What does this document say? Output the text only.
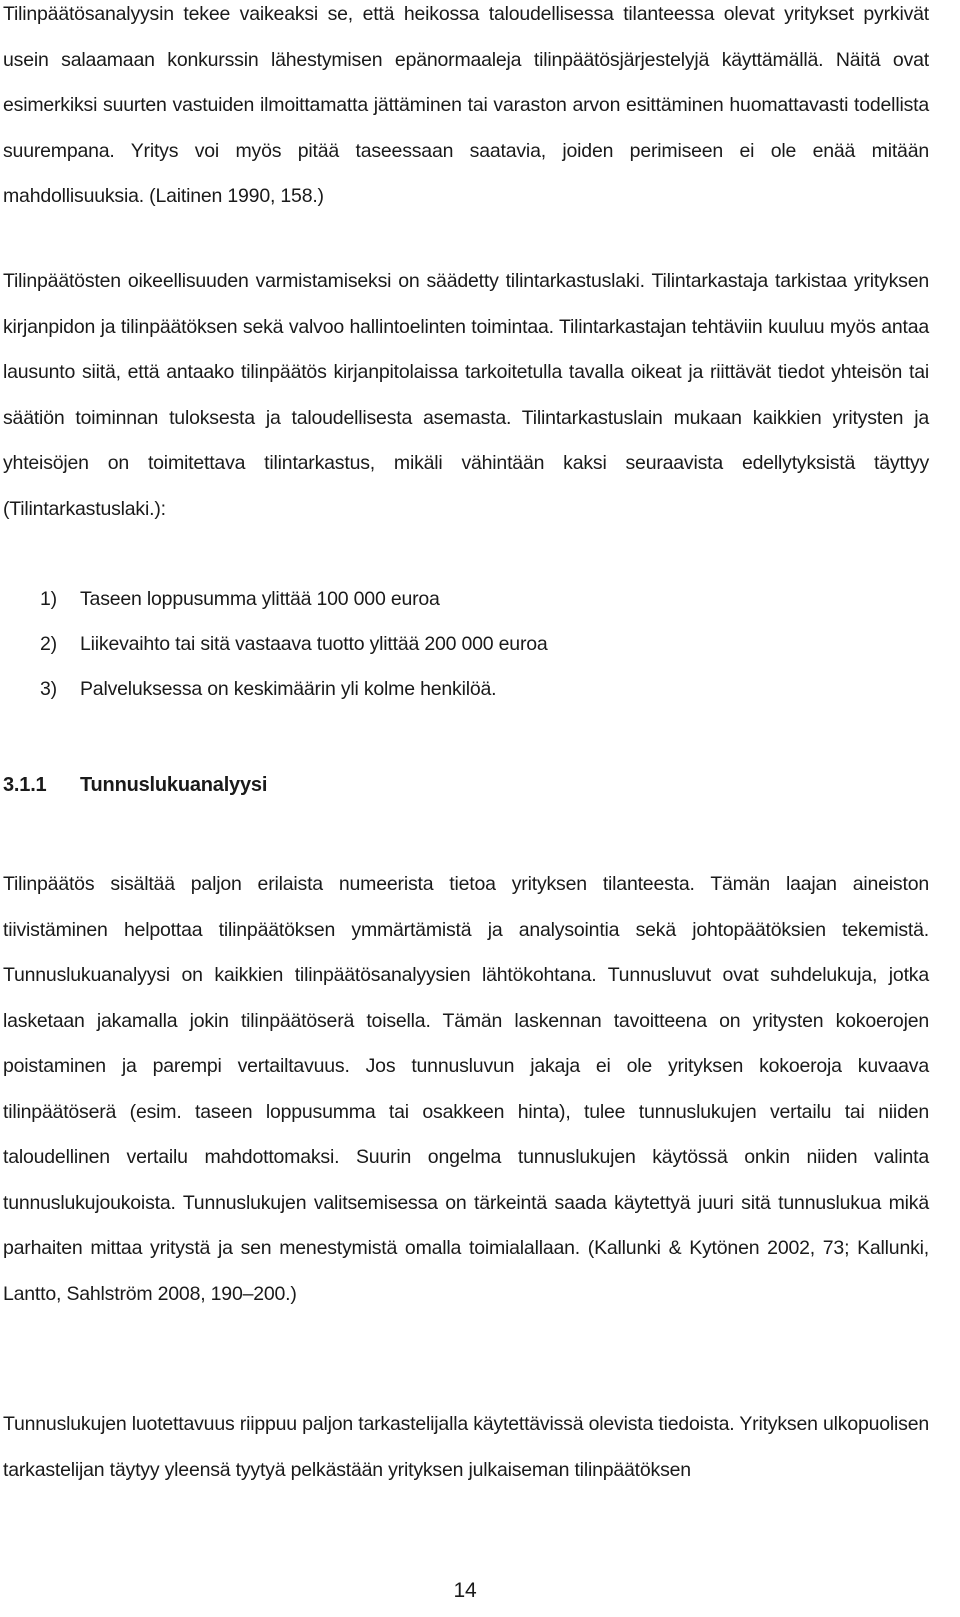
Tilinpäätösanalyysin tekee vaikeaksi se, että heikossa taloudellisessa tilanteessa olevat yritykset pyrkivät usein salaamaan konkurssin lähestymisen epänormaaleja tilinpäätösjärjestelyjä käyttämällä. Näitä ovat esimerkiksi suurten vastuiden ilmoittamatta jättäminen tai varaston arvon esittäminen huomattavasti todellista suurempana. Yritys voi myös pitää taseessaan saatavia, joiden perimiseen ei ole enää mitään mahdollisuuksia. (Laitinen 1990, 158.)

Tilinpäätösten oikeellisuuden varmistamiseksi on säädetty tilintarkastuslaki. Tilintarkastaja tarkistaa yrityksen kirjanpidon ja tilinpäätöksen sekä valvoo hallintoelinten toimintaa. Tilintarkastajan tehtäviin kuuluu myös antaa lausunto siitä, että antaako tilinpäätös kirjanpitolaissa tarkoitetulla tavalla oikeat ja riittävät tiedot yhteisön tai säätiön toiminnan tuloksesta ja taloudellisesta asemasta. Tilintarkastuslain mukaan kaikkien yritysten ja yhteisöjen on toimitettava tilintarkastus, mikäli vähintään kaksi seuraavista edellytyksistä täyttyy (Tilintarkastuslaki.):

1) Taseen loppusumma ylittää 100 000 euroa
2) Liikevaihto tai sitä vastaava tuotto ylittää 200 000 euroa
3) Palveluksessa on keskimäärin yli kolme henkilöä.
3.1.1 Tunnuslukuanalyysi

Tilinpäätös sisältää paljon erilaista numeerista tietoa yrityksen tilanteesta. Tämän laajan aineiston tiivistäminen helpottaa tilinpäätöksen ymmärtämistä ja analysointia sekä johtopäätöksien tekemistä. Tunnuslukuanalyysi on kaikkien tilinpäätösanalyysien lähtökohtana. Tunnusluvut ovat suhdelukuja, jotka lasketaan jakamalla jokin tilinpäätöserä toisella. Tämän laskennan tavoitteena on yritysten kokoerojen poistaminen ja parempi vertailtavuus. Jos tunnusluvun jakaja ei ole yrityksen kokoeroja kuvaava tilinpäätöserä (esim. taseen loppusumma tai osakkeen hinta), tulee tunnuslukujen vertailu tai niiden taloudellinen vertailu mahdottomaksi. Suurin ongelma tunnuslukujen käytössä onkin niiden valinta tunnuslukujoukoista. Tunnuslukujen valitsemisessa on tärkeintä saada käytettyä juuri sitä tunnuslukua mikä parhaiten mittaa yritystä ja sen menestymistä omalla toimialallaan. (Kallunki & Kytönen 2002, 73; Kallunki, Lantto, Sahlström 2008, 190–200.)

Tunnuslukujen luotettavuus riippuu paljon tarkastelijalla käytettävissä olevista tiedoista. Yrityksen ulkopuolisen tarkastelijan täytyy yleensä tyytyä pelkästään yrityksen julkaiseman tilinpäätöksen

14
